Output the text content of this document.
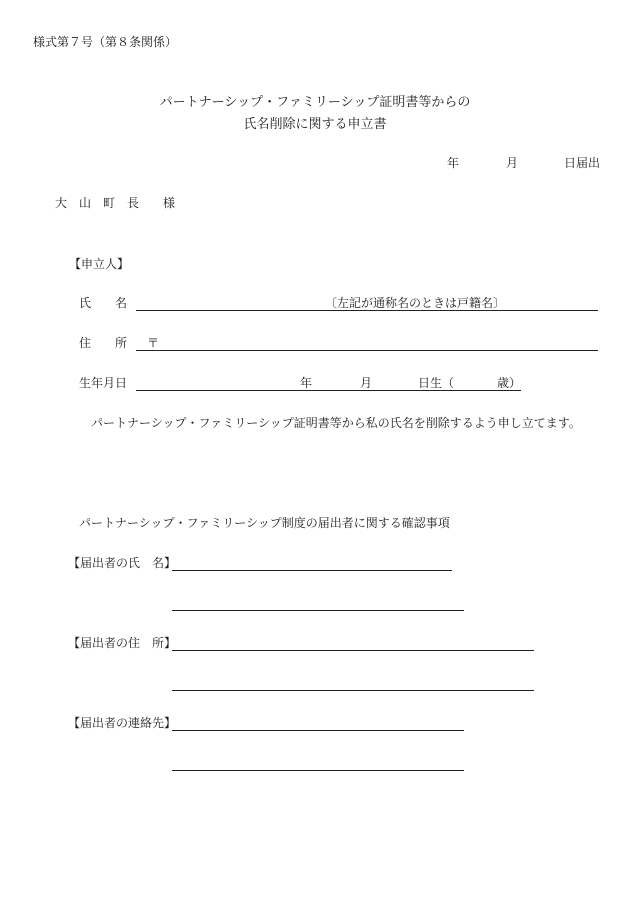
様式第７号（第８条関係）
パートナーシップ・ファミリーシップ証明書等からの
氏名削除に関する申立書
年	月	日届出
大　山　町　長　　様
【申立人】
氏　　名	〔左記が通称名のときは戸籍名〕
住　　所 〒
生年月日	年	月	日生（	歳）
パートナーシップ・ファミリーシップ証明書等から私の氏名を削除するよう申し立てます。
パートナーシップ・ファミリーシップ制度の届出者に関する確認事項
【届出者の氏　名】
【届出者の住　所】
【届出者の連絡先】
